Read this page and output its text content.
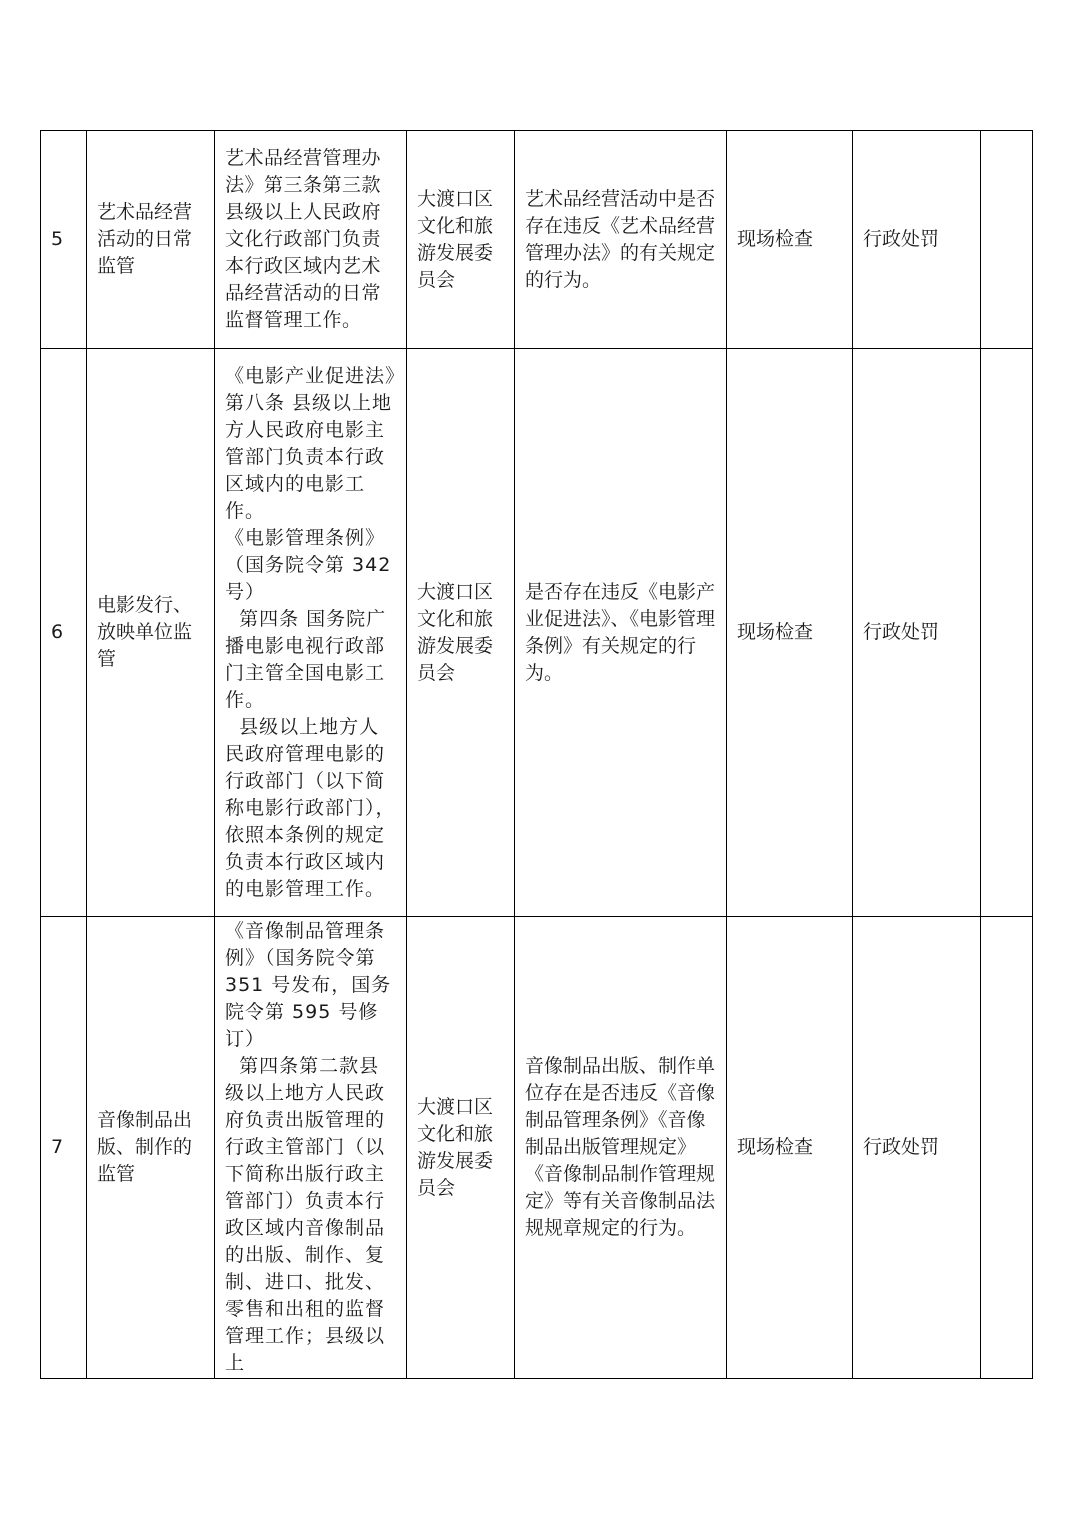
5	艺术品经营活动的日常监管	艺术品经营管理办法》第三条第三款县级以上人民政府文化行政部门负责本行政区域内艺术品经营活动的日常监督管理工作。	大渡口区文化和旅游发展委员会	艺术品经营活动中是否存在违反《艺术品经营管理办法》的有关规定的行为。	现场检查	行政处罚	
6	电影发行、放映单位监管	《电影产业促进法》第八条 县级以上地方人民政府电影主管部门负责本行政区域内的电影工作。
《电影管理条例》（国务院令第 342 号）
第四条 国务院广播电影电视行政部门主管全国电影工作。
县级以上地方人民政府管理电影的行政部门（以下简称电影行政部门），依照本条例的规定负责本行政区域内的电影管理工作。	大渡口区文化和旅游发展委员会	是否存在违反《电影产业促进法》、《电影管理条例》有关规定的行为。	现场检查	行政处罚	
7	音像制品出版、制作的监管	《音像制品管理条例》（国务院令第 351 号发布，国务院令第 595 号修订）
第四条第二款县级以上地方人民政府负责出版管理的行政主管部门（以下简称出版行政主管部门）负责本行政区域内音像制品的出版、制作、复制、进口、批发、零售和出租的监督管理工作；县级以上	大渡口区文化和旅游发展委员会	音像制品出版、制作单位存在是否违反《音像制品管理条例》《音像制品出版管理规定》《音像制品制作管理规定》等有关音像制品法规规章规定的行为。	现场检查	行政处罚	
